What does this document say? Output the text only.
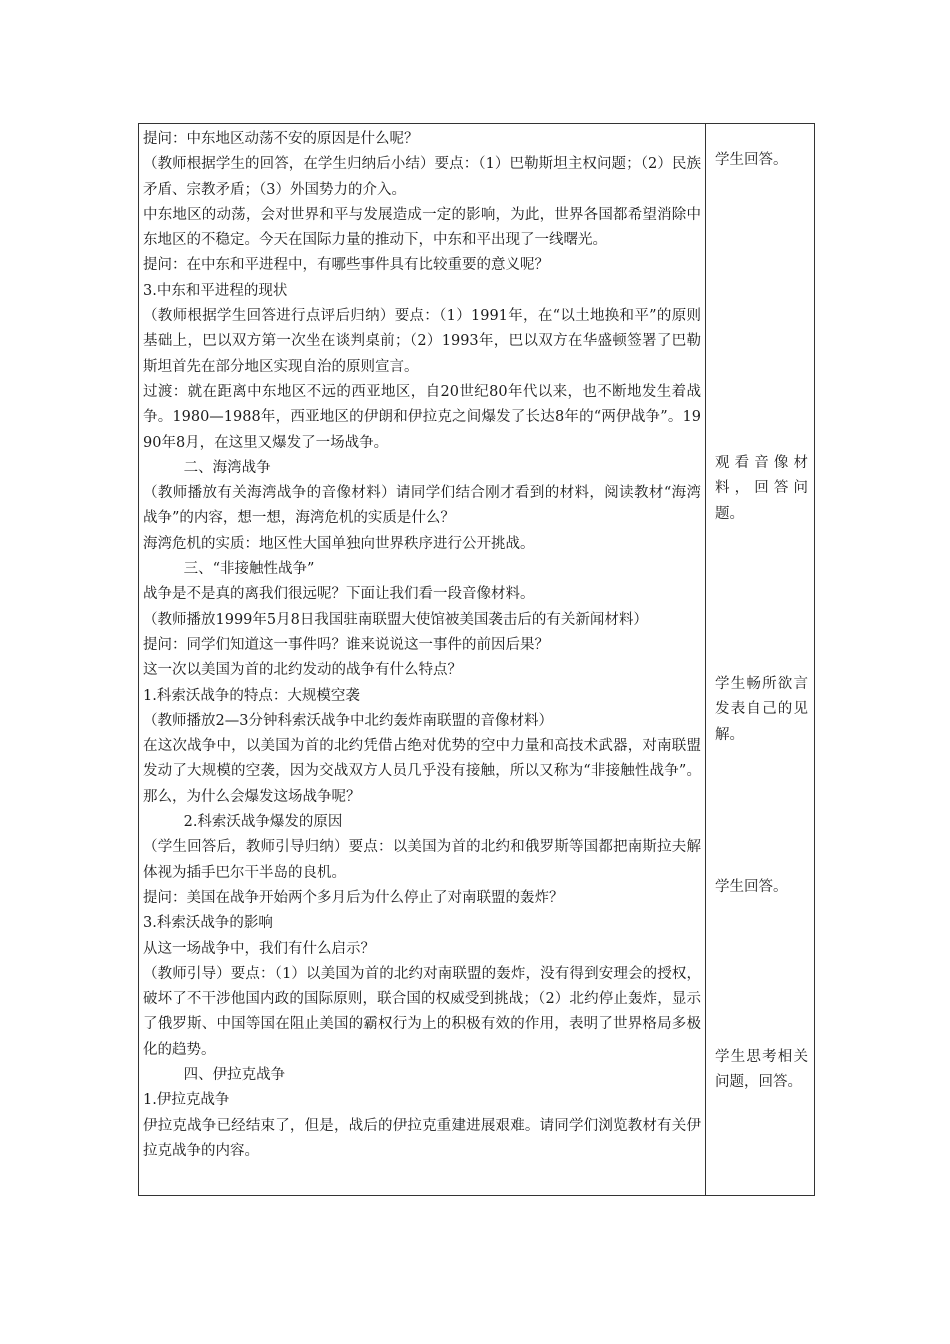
提问：中东地区动荡不安的原因是什么呢？

（教师根据学生的回答，在学生归纳后小结）要点：（1）巴勒斯坦主权问题；（2）民族矛盾、宗教矛盾；（3）外国势力的介入。

中东地区的动荡，会对世界和平与发展造成一定的影响，为此，世界各国都希望消除中东地区的不稳定。今天在国际力量的推动下，中东和平出现了一线曙光。

提问：在中东和平进程中，有哪些事件具有比较重要的意义呢？

3.中东和平进程的现状

（教师根据学生回答进行点评后归纳）要点：（1）1991年，在“以土地换和平”的原则基础上，巴以双方第一次坐在谈判桌前；（2）1993年，巴以双方在华盛顿签署了巴勒斯坦首先在部分地区实现自治的原则宣言。

过渡：就在距离中东地区不远的西亚地区，自20世纪80年代以来，也不断地发生着战争。1980—1988年，西亚地区的伊朗和伊拉克之间爆发了长达8年的“两伊战争”。1990年8月，在这里又爆发了一场战争。

二、海湾战争

（教师播放有关海湾战争的音像材料）请同学们结合刚才看到的材料，阅读教材“海湾战争”的内容，想一想，海湾危机的实质是什么？

海湾危机的实质：地区性大国单独向世界秩序进行公开挑战。

三、“非接触性战争”

战争是不是真的离我们很远呢？下面让我们看一段音像材料。

（教师播放1999年5月8日我国驻南联盟大使馆被美国袭击后的有关新闻材料）

提问：同学们知道这一事件吗？谁来说说这一事件的前因后果？

这一次以美国为首的北约发动的战争有什么特点？

1.科索沃战争的特点：大规模空袭

（教师播放2—3分钟科索沃战争中北约轰炸南联盟的音像材料）

在这次战争中，以美国为首的北约凭借占绝对优势的空中力量和高技术武器，对南联盟发动了大规模的空袭，因为交战双方人员几乎没有接触，所以又称为“非接触性战争”。那么，为什么会爆发这场战争呢？

2.科索沃战争爆发的原因

（学生回答后，教师引导归纳）要点：以美国为首的北约和俄罗斯等国都把南斯拉夫解体视为插手巴尔干半岛的良机。

提问：美国在战争开始两个多月后为什么停止了对南联盟的轰炸？

3.科索沃战争的影响

从这一场战争中，我们有什么启示？

（教师引导）要点：（1）以美国为首的北约对南联盟的轰炸，没有得到安理会的授权，破坏了不干涉他国内政的国际原则，联合国的权威受到挑战；（2）北约停止轰炸，显示了俄罗斯、中国等国在阻止美国的霸权行为上的积极有效的作用，表明了世界格局多极化的趋势。

四、伊拉克战争

1.伊拉克战争

伊拉克战争已经结束了，但是，战后的伊拉克重建进展艰难。请同学们浏览教材有关伊拉克战争的内容。

学生回答。

观看音像材料，回答问题。

学生畅所欲言发表自己的见解。

学生回答。

学生思考相关问题，回答。
